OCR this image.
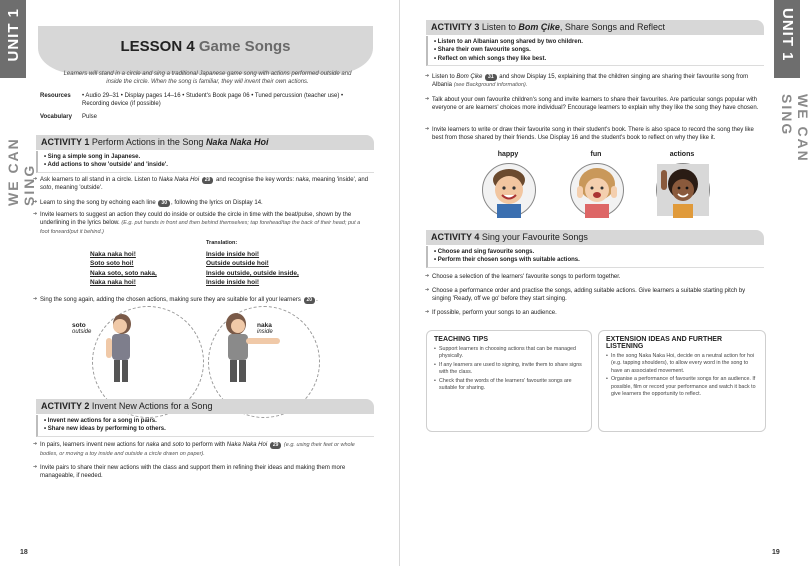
UNIT 1
WE CAN SING
LESSON 4 Game Songs
Learners will stand in a circle and sing a traditional Japanese game song with actions performed outside and inside the circle. When the song is familiar, they will invent their own actions.
Resources • Audio 29–31 • Display pages 14–16 • Student's Book page 06 • Tuned percussion (teacher use) • Recording device (if possible)
Vocabulary Pulse
ACTIVITY 1 Perform Actions in the Song Naka Naka Hoi
• Sing a simple song in Japanese.
• Add actions to show 'outside' and 'inside'.
➔ Ask learners to all stand in a circle. Listen to Naka Naka Hoi 29 and recognise the key words: naka, meaning 'inside', and soto, meaning 'outside'.
➔ Learn to sing the song by echoing each line 30 , following the lyrics on Display 14.
➔ Invite learners to suggest an action they could do inside or outside the circle in time with the beat/pulse, shown by the underlining in the lyrics below. (E.g. put hands in front and then behind themselves; tap forehead/tap the back of their head; put a foot forward/put it behind.)
Translation:
Naka naka hoi!
Soto soto hoi!
Naka soto, soto naka,
Naka naka hoi!
Inside inside hoi!
Outside outside hoi!
Inside outside, outside inside,
Inside inside hoi!
➔ Sing the song again, adding the chosen actions, making sure they are suitable for all your learners 20 .
soto
outside
naka
inside
ACTIVITY 2 Invent New Actions for a Song
• Invent new actions for a song in pairs.
• Share new ideas by performing to others.
➔ In pairs, learners invent new actions for naka and soto to perform with Naka Naka Hoi 29 (e.g. using their feet or whole bodies, or moving a toy inside and outside a circle drawn on paper).
➔ Invite pairs to share their new actions with the class and support them in refining their ideas and making them more manageable, if needed.
18
UNIT 1
WE CAN SING
ACTIVITY 3 Listen to Bom Çike, Share Songs and Reflect
• Listen to an Albanian song shared by two children.
• Share their own favourite songs.
• Reflect on which songs they like best.
➔ Listen to Bom Çike 31 and show Display 15, explaining that the children singing are sharing their favourite song from Albania (see Background information).
➔ Talk about your own favourite children's song and invite learners to share their favourites. Are particular songs popular with everyone or are learners' choices more individual? Encourage learners to explain why they like the song they have chosen.
➔ Invite learners to write or draw their favourite song in their student's book. There is also space to record the song they like best from those shared by their friends. Use Display 16 and the student's book to reflect on why they like it.
happy	fun	actions
ACTIVITY 4 Sing your Favourite Songs
• Choose and sing favourite songs.
• Perform their chosen songs with suitable actions.
➔ Choose a selection of the learners' favourite songs to perform together.
➔ Choose a performance order and practise the songs, adding suitable actions. Give learners a suitable starting pitch by singing 'Ready, off we go' before they start singing.
➔ If possible, perform your songs to an audience.
TEACHING TIPS
• Support learners in choosing actions that can be managed physically.
• If any learners are used to signing, invite them to share signs with the class.
• Check that the words of the learners' favourite songs are suitable for sharing.
EXTENSION IDEAS AND FURTHER LISTENING
• In the song Naka Naka Hoi, decide on a neutral action for hoi (e.g. tapping shoulders), to allow every word in the song to have an associated movement.
• Organise a performance of favourite songs for an audience. If possible, film or record your performance and watch it back to give learners the opportunity to reflect.
19
